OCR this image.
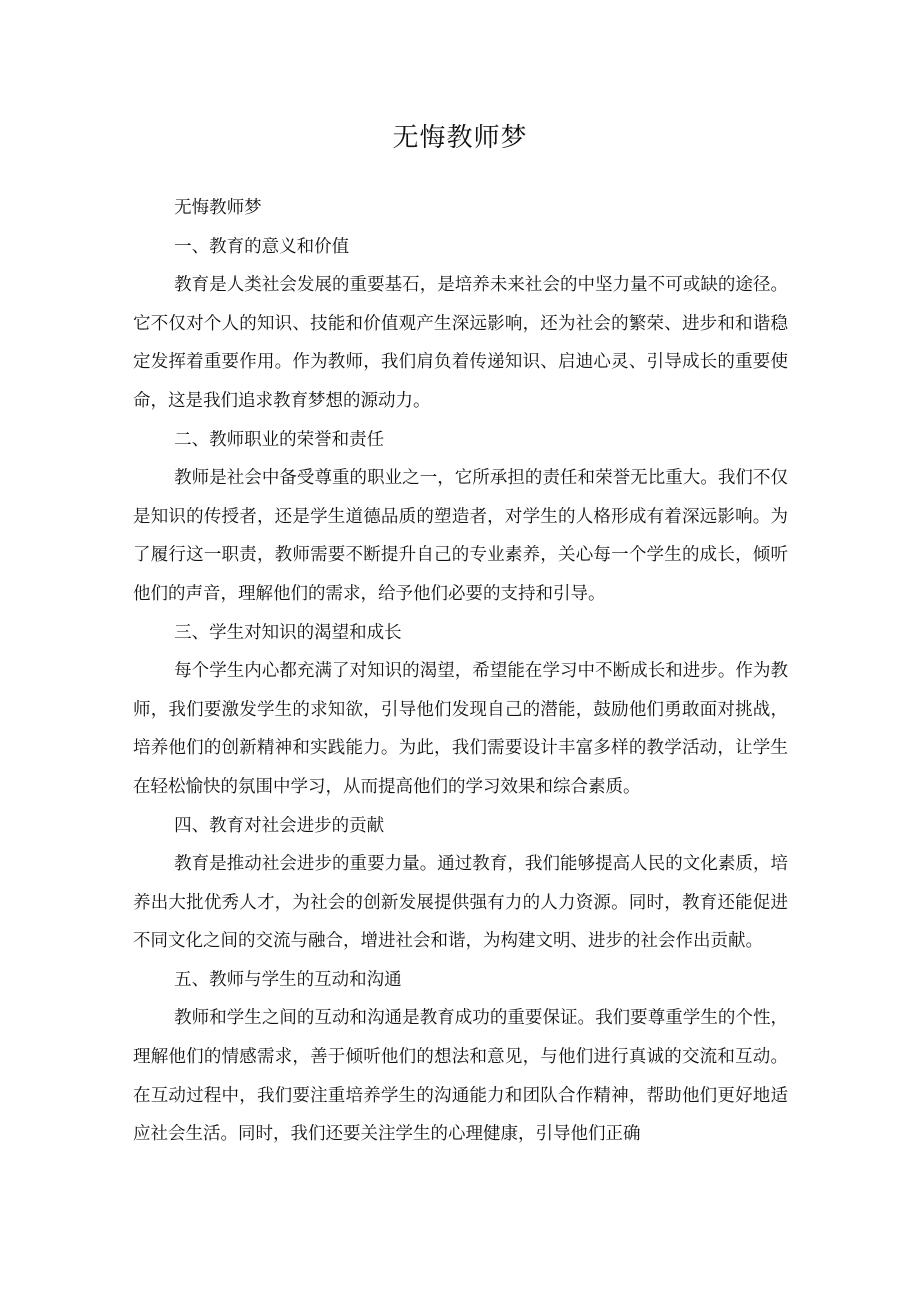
无悔教师梦

无悔教师梦

一、教育的意义和价值

教育是人类社会发展的重要基石，是培养未来社会的中坚力量不可或缺的途径。它不仅对个人的知识、技能和价值观产生深远影响，还为社会的繁荣、进步和和谐稳定发挥着重要作用。作为教师，我们肩负着传递知识、启迪心灵、引导成长的重要使命，这是我们追求教育梦想的源动力。

二、教师职业的荣誉和责任

教师是社会中备受尊重的职业之一，它所承担的责任和荣誉无比重大。我们不仅是知识的传授者，还是学生道德品质的塑造者，对学生的人格形成有着深远影响。为了履行这一职责，教师需要不断提升自己的专业素养，关心每一个学生的成长，倾听他们的声音，理解他们的需求，给予他们必要的支持和引导。

三、学生对知识的渴望和成长

每个学生内心都充满了对知识的渴望，希望能在学习中不断成长和进步。作为教师，我们要激发学生的求知欲，引导他们发现自己的潜能，鼓励他们勇敢面对挑战，培养他们的创新精神和实践能力。为此，我们需要设计丰富多样的教学活动，让学生在轻松愉快的氛围中学习，从而提高他们的学习效果和综合素质。

四、教育对社会进步的贡献

教育是推动社会进步的重要力量。通过教育，我们能够提高人民的文化素质，培养出大批优秀人才，为社会的创新发展提供强有力的人力资源。同时，教育还能促进不同文化之间的交流与融合，增进社会和谐，为构建文明、进步的社会作出贡献。

五、教师与学生的互动和沟通

教师和学生之间的互动和沟通是教育成功的重要保证。我们要尊重学生的个性，理解他们的情感需求，善于倾听他们的想法和意见，与他们进行真诚的交流和互动。在互动过程中，我们要注重培养学生的沟通能力和团队合作精神，帮助他们更好地适应社会生活。同时，我们还要关注学生的心理健康，引导他们正确
